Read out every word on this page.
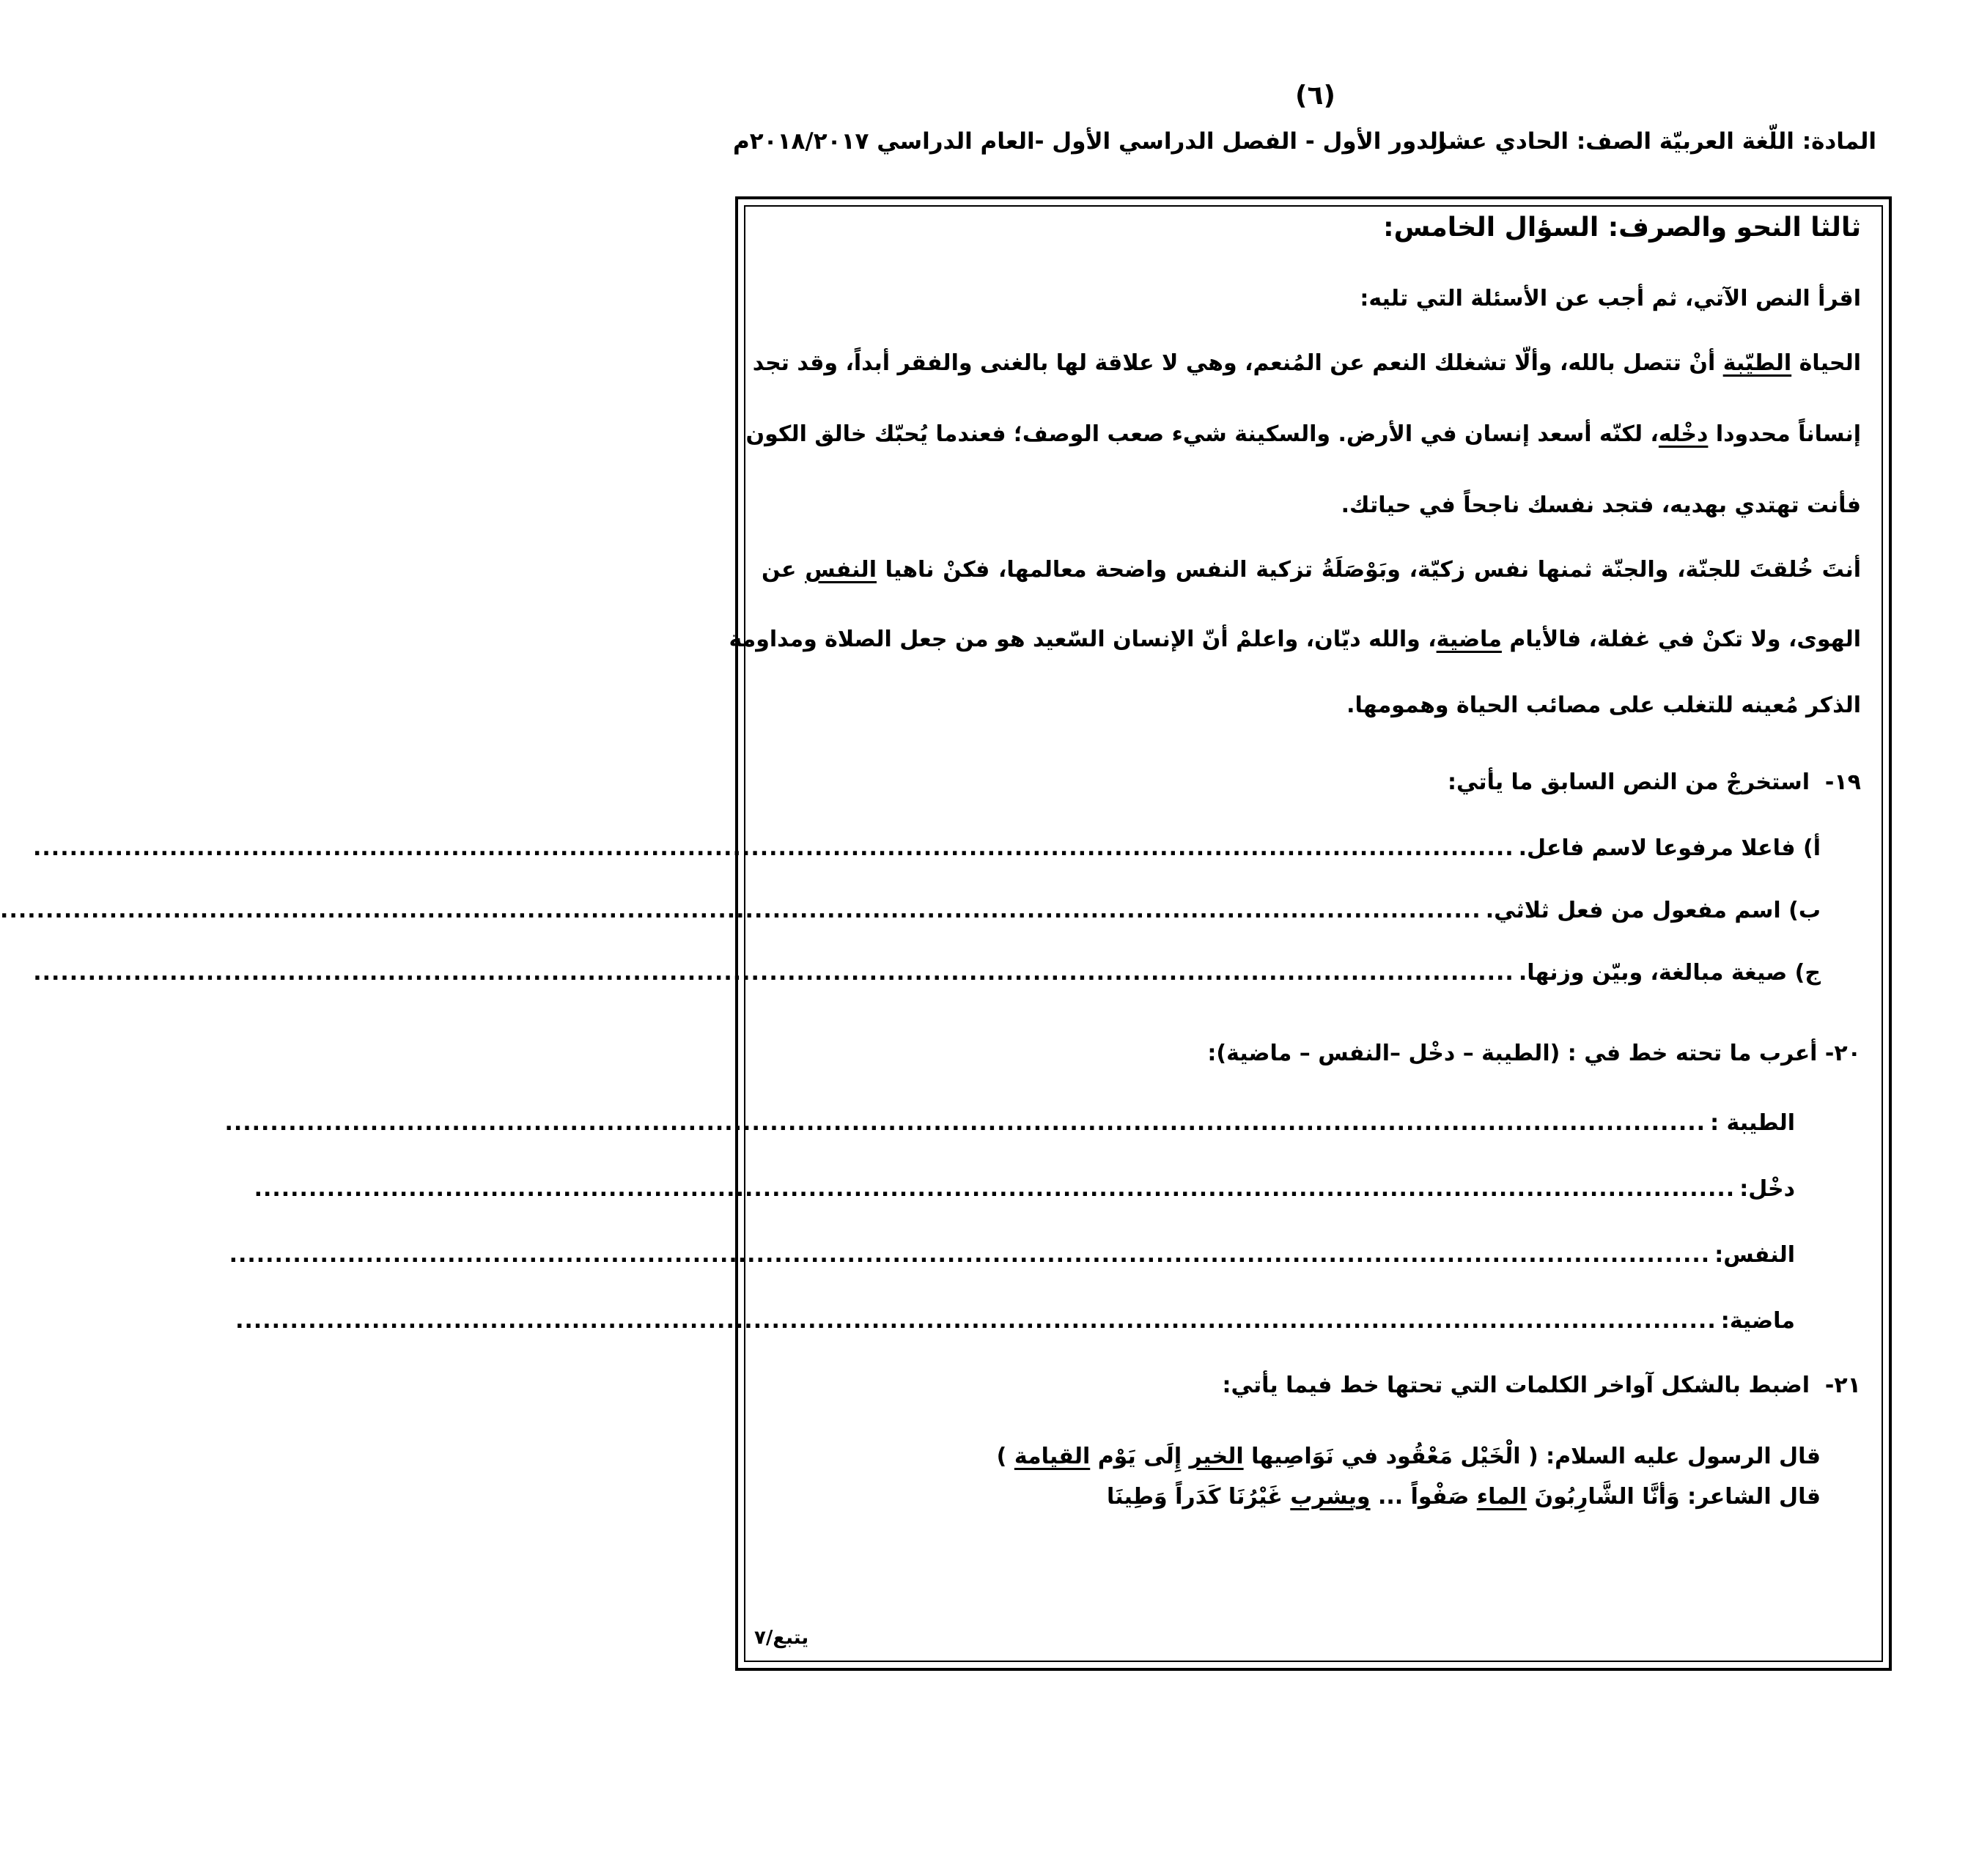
(٦)
المادة: اللّغة العربيّة الصف: الحادي عشر
الدور الأول - الفصل الدراسي الأول -العام الدراسي ٢٠١٨/٢٠١٧م
ثالثا النحو والصرف: السؤال الخامس:
اقرأ النص الآتي، ثم أجب عن الأسئلة التي تليه:
الحياة الطيّبة أنْ تتصل بالله، وألّا تشغلك النعم عن المُنعم، وهي لا علاقة لها بالغنى والفقر أبداً، وقد تجد
إنساناً محدودا دخْله، لكنّه أسعد إنسان في الأرض. والسكينة شيء صعب الوصف؛ فعندما يُحبّك خالق الكون
فأنت تهتدي بهديه، فتجد نفسك ناجحاً في حياتك.
أنتَ خُلقتَ للجنّة، والجنّة ثمنها نفس زكيّة، وبَوْصَلَةُ تزكية النفس واضحة معالمها، فكنْ ناهيا النفس عن
الهوى، ولا تكنْ في غفلة، فالأيام ماضية، والله ديّان، واعلمْ أنّ الإنسان السّعيد هو من جعل الصلاة ومداومة
الذكر مُعينه للتغلب على مصائب الحياة وهمومها.
١٩-  استخرجْ من النص السابق ما يأتي:
أ) فاعلا مرفوعا لاسم فاعل.
...................................................................................................................................................................
ب) اسم مفعول من فعل ثلاثي.
...................................................................................................................................................................
ج) صيغة مبالغة، وبيّن وزنها.
...................................................................................................................................................................
٢٠- أعرب ما تحته خط في : (الطيبة – دخْل –النفس – ماضية):
الطيبة :
...................................................................................................................................................................
دخْل:
...................................................................................................................................................................
النفس:
...................................................................................................................................................................
ماضية:
...................................................................................................................................................................
٢١-  اضبط بالشكل آواخر الكلمات التي تحتها خط فيما يأتي:
قال الرسول عليه السلام: ( الْخَيْل مَعْقُود في نَوَاصِيها الخير إِلَى يَوْم القيامة )
قال الشاعر: وَأنَّا الشَّارِبُونَ الماء صَفْواً ... ويشرب غَيْرُنَا كَدَراً وَطِينَا
يتبع/٧
